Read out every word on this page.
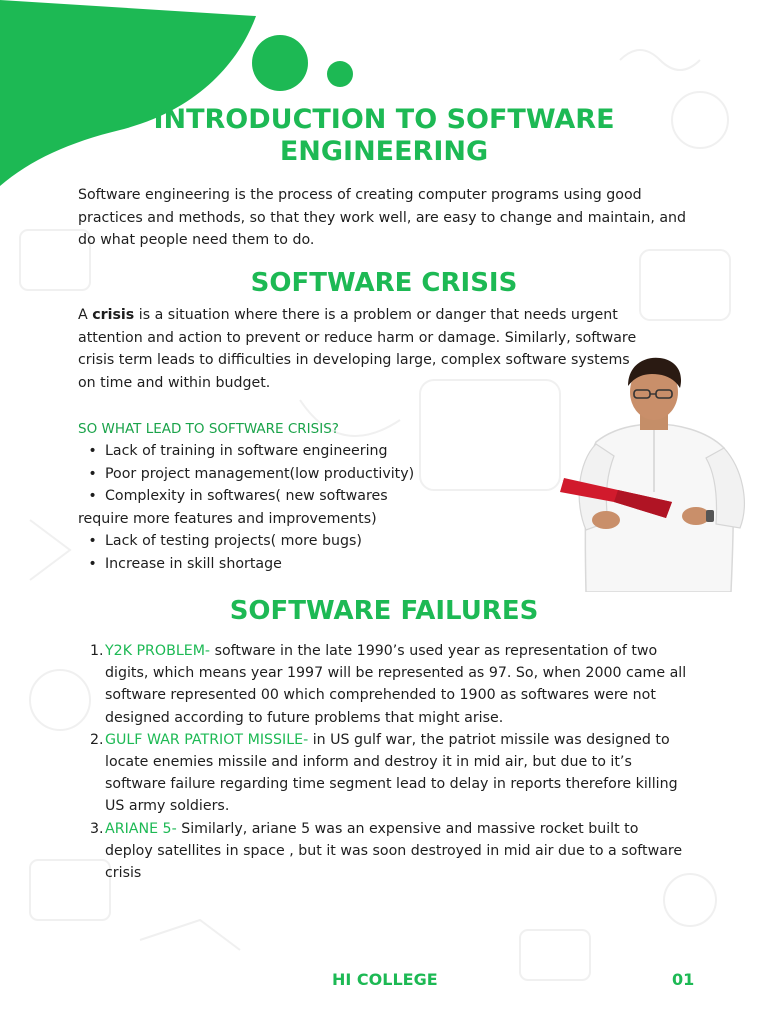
INTRODUCTION TO SOFTWARE
ENGINEERING

Software engineering is the process of creating computer programs using good practices and methods, so that they work well, are easy to change and maintain, and do what people need them to do.

SOFTWARE CRISIS

A crisis is a situation where there is a problem or danger that needs urgent attention and action to prevent or reduce harm or damage. Similarly, software crisis term leads to difficulties in developing large, complex software systems on time and within budget.

SO WHAT LEAD TO SOFTWARE CRISIS?

• Lack of training in software engineering
• Poor project management(low productivity)
• Complexity in softwares( new softwares
require more features and improvements)
• Lack of testing projects( more bugs)
• Increase in skill shortage
SOFTWARE FAILURES
1. Y2K PROBLEM- software in the late 1990’s used year as representation of two digits, which means year 1997 will be represented as 97. So, when 2000 came all software represented 00 which comprehended to 1900 as softwares were not designed according to future problems that might arise.
2. GULF WAR PATRIOT MISSILE- in US gulf war, the patriot missile was designed to locate enemies missile and inform and destroy it in mid air, but due to it’s software failure regarding time segment lead to delay in reports therefore killing US army soldiers.
3. ARIANE 5- Similarly, ariane 5 was an expensive and massive rocket built to deploy satellites in space , but it was soon destroyed in mid air due to a software crisis

HI COLLEGE	01
